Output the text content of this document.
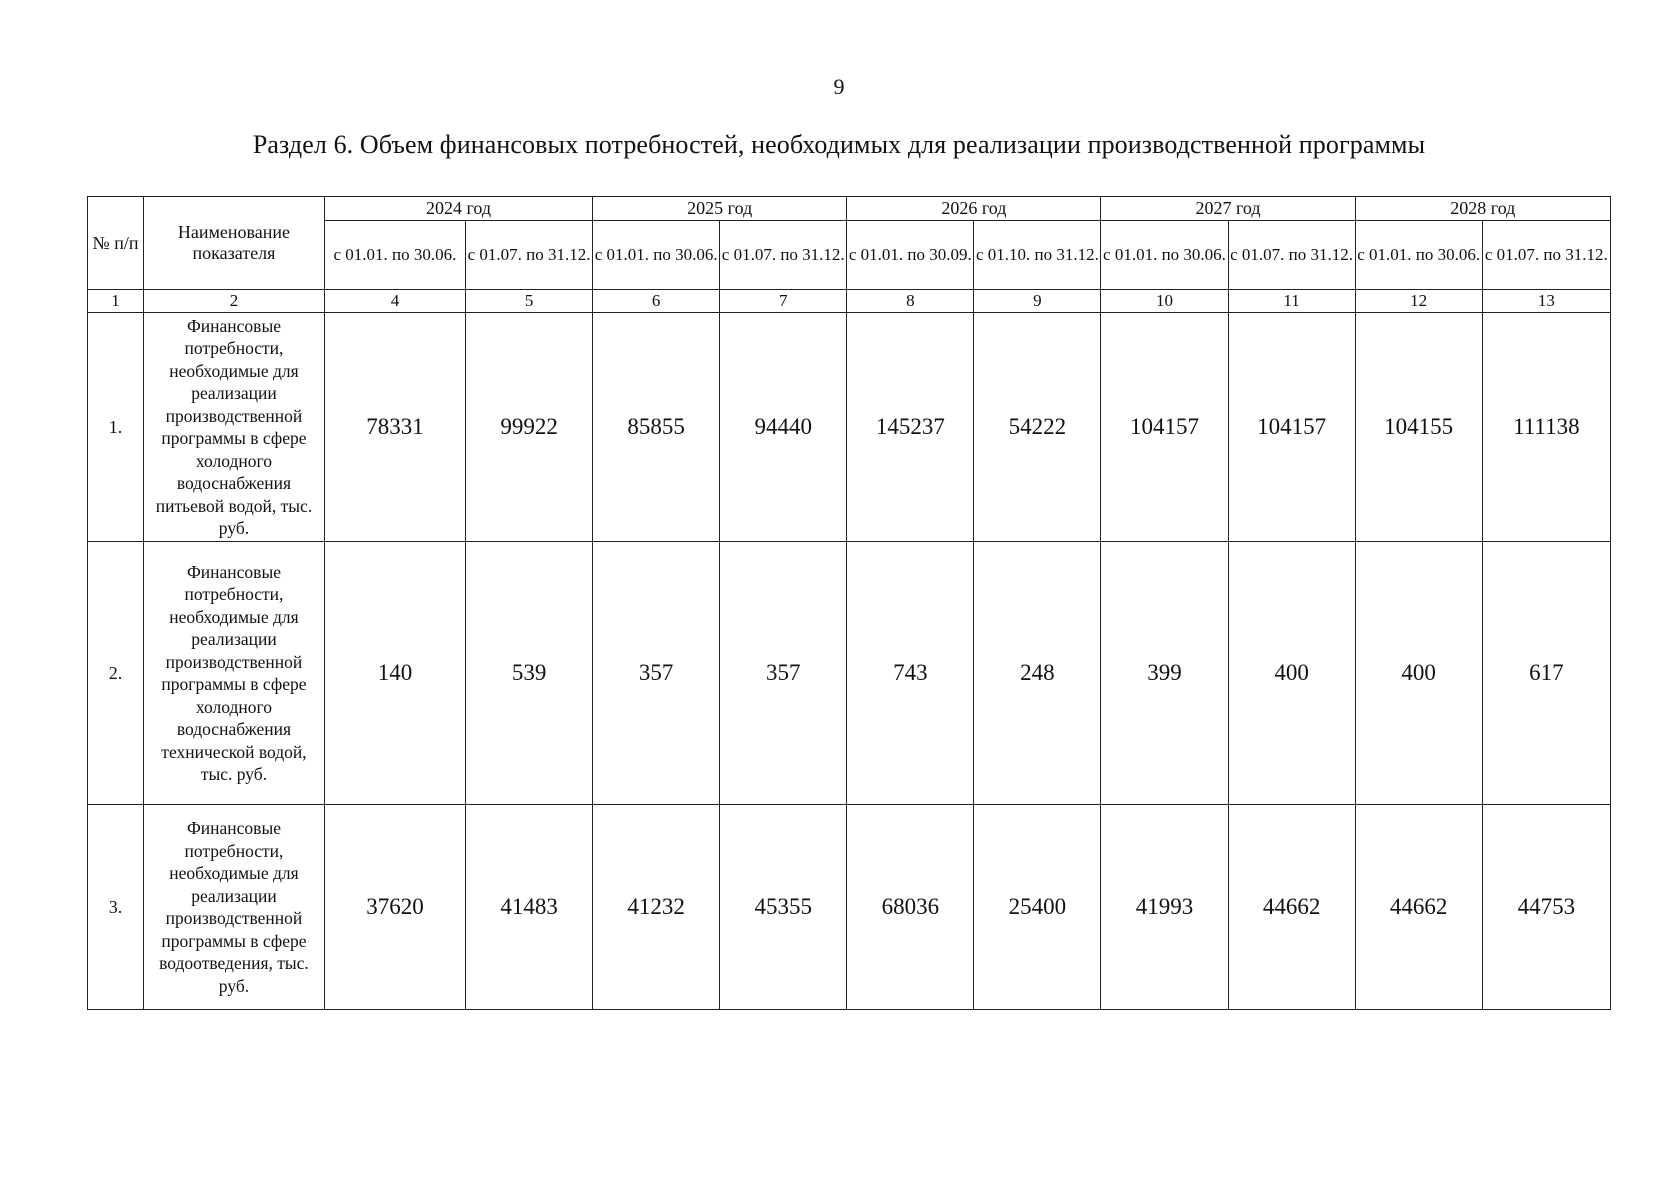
9
Раздел 6. Объем финансовых потребностей, необходимых для реализации производственной программы
№ п/п	Наименование показателя	2024 год		2025 год		2026 год		2027 год		2028 год	
		с 01.01. по 30.06.	с 01.07. по 31.12.	с 01.01. по 30.06.	с 01.07. по 31.12.	с 01.01. по 30.09.	с 01.10. по 31.12.	с 01.01. по 30.06.	с 01.07. по 31.12.	с 01.01. по 30.06.	с 01.07. по 31.12.
1	2	4	5	6	7	8	9	10	11	12	13
1.	Финансовые потребности, необходимые для реализации производственной программы в сфере холодного водоснабжения питьевой водой, тыс. руб.	78331	99922	85855	94440	145237	54222	104157	104157	104155	111138
2.	Финансовые потребности, необходимые для реализации производственной программы в сфере холодного водоснабжения технической водой, тыс. руб.	140	539	357	357	743	248	399	400	400	617
3.	Финансовые потребности, необходимые для реализации производственной программы в сфере водоотведения, тыс. руб.	37620	41483	41232	45355	68036	25400	41993	44662	44662	44753
